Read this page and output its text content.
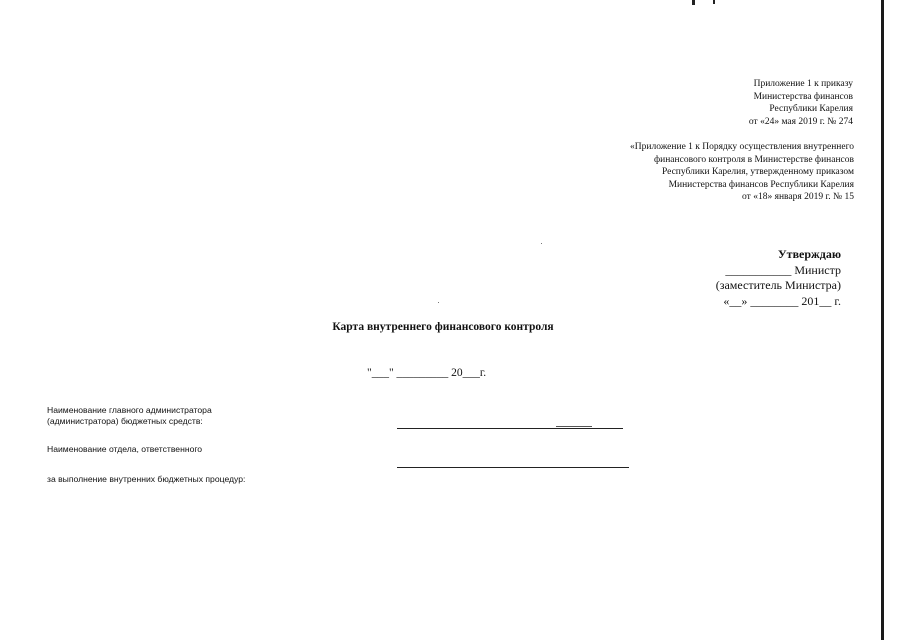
Приложение 1 к приказу
Министерства финансов
Республики Карелия
от «24» мая 2019 г. № 274
«Приложение 1 к Порядку осуществления внутреннего
финансового контроля в Министерстве финансов
Республики Карелия, утвержденному приказом
Министерства финансов Республики Карелия
от «18» января 2019 г. № 15
Утверждаю
___________ Министр
(заместитель Министра)
«__» ________ 201__ г.
Карта внутреннего финансового контроля
"___" _________ 20___г.
Наименование главного администратора
(администратора) бюджетных средств:
Наименование отдела, ответственного
за выполнение внутренних бюджетных процедур:
